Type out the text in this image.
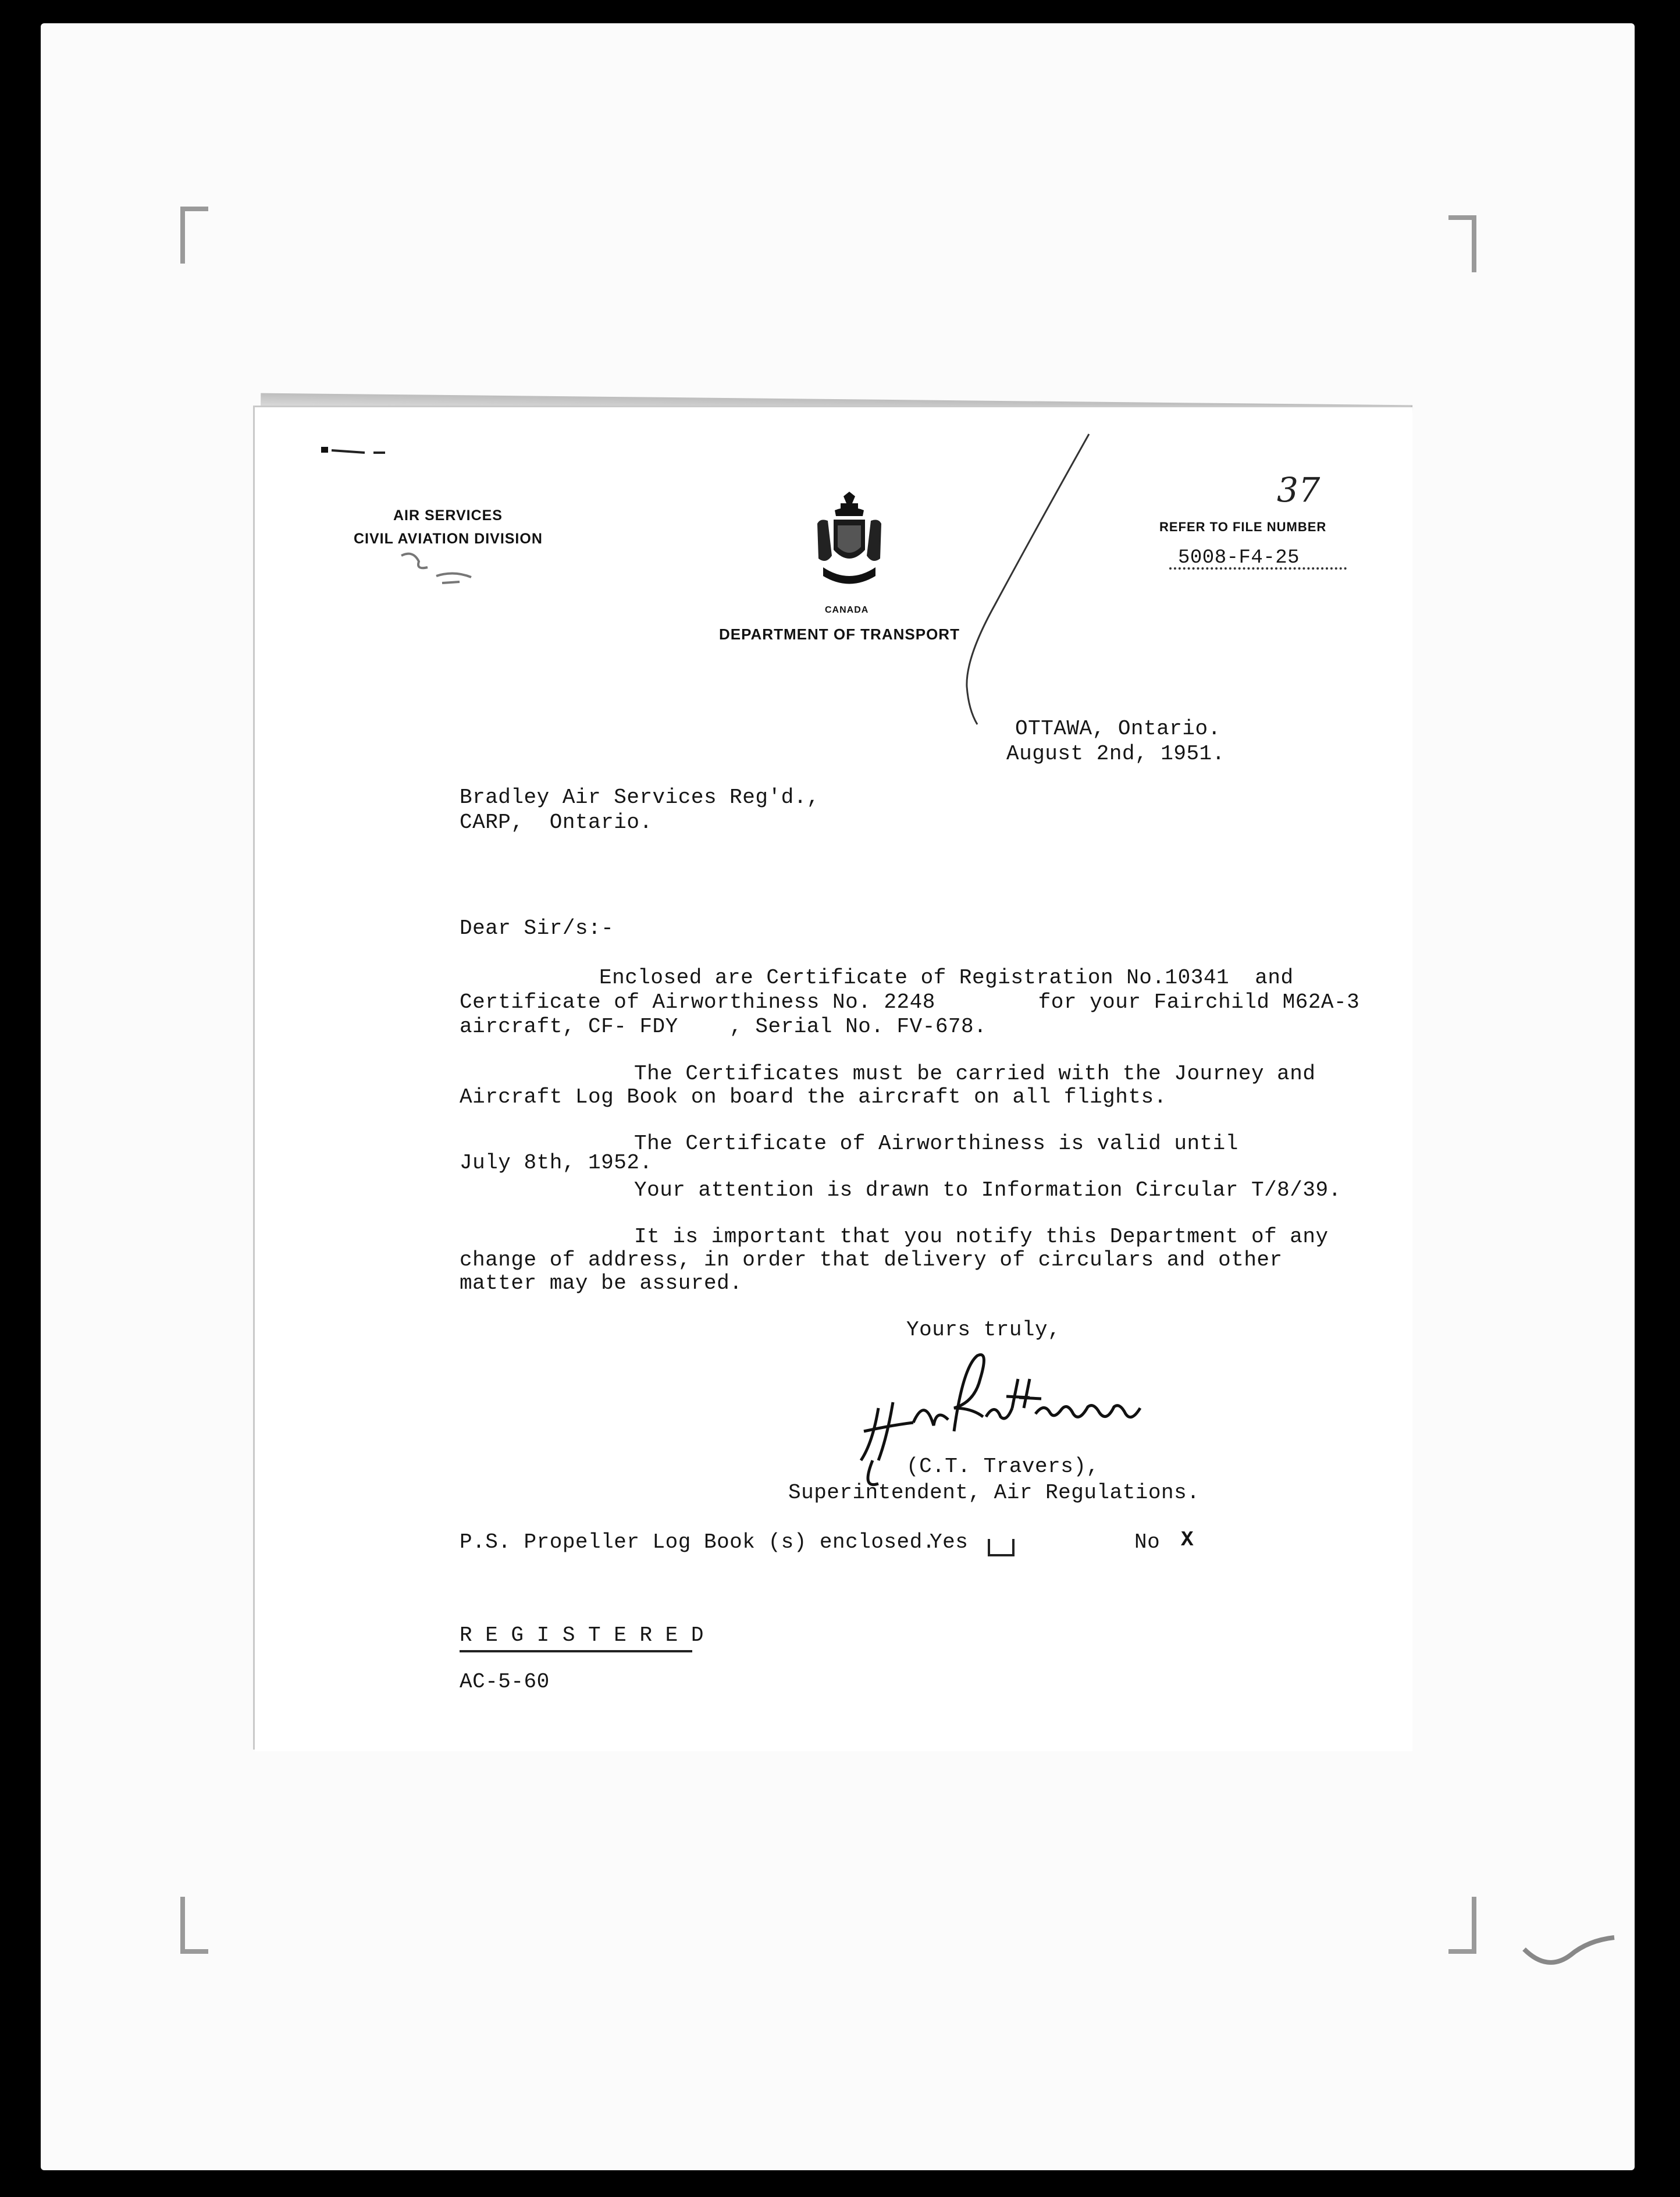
AIR SERVICES
CIVIL AVIATION DIVISION
CANADA
DEPARTMENT OF TRANSPORT
REFER TO FILE NUMBER
5008-F4-25
37
OTTAWA, Ontario.
August 2nd, 1951.
Bradley Air Services Reg'd.,
CARP,  Ontario.
Dear Sir/s:-
Enclosed are Certificate of Registration No.10341  and
Certificate of Airworthiness No. 2248        for your Fairchild M62A-3
aircraft, CF- FDY    , Serial No. FV-678.
The Certificates must be carried with the Journey and
Aircraft Log Book on board the aircraft on all flights.
The Certificate of Airworthiness is valid until
July 8th, 1952.
Your attention is drawn to Information Circular T/8/39.
It is important that you notify this Department of any
change of address, in order that delivery of circulars and other
matter may be assured.
Yours truly,
(C.T. Travers),
Superintendent, Air Regulations.
P.S. Propeller Log Book (s) enclosed.
Yes	No X
R E G I S T E R E D
AC-5-60
